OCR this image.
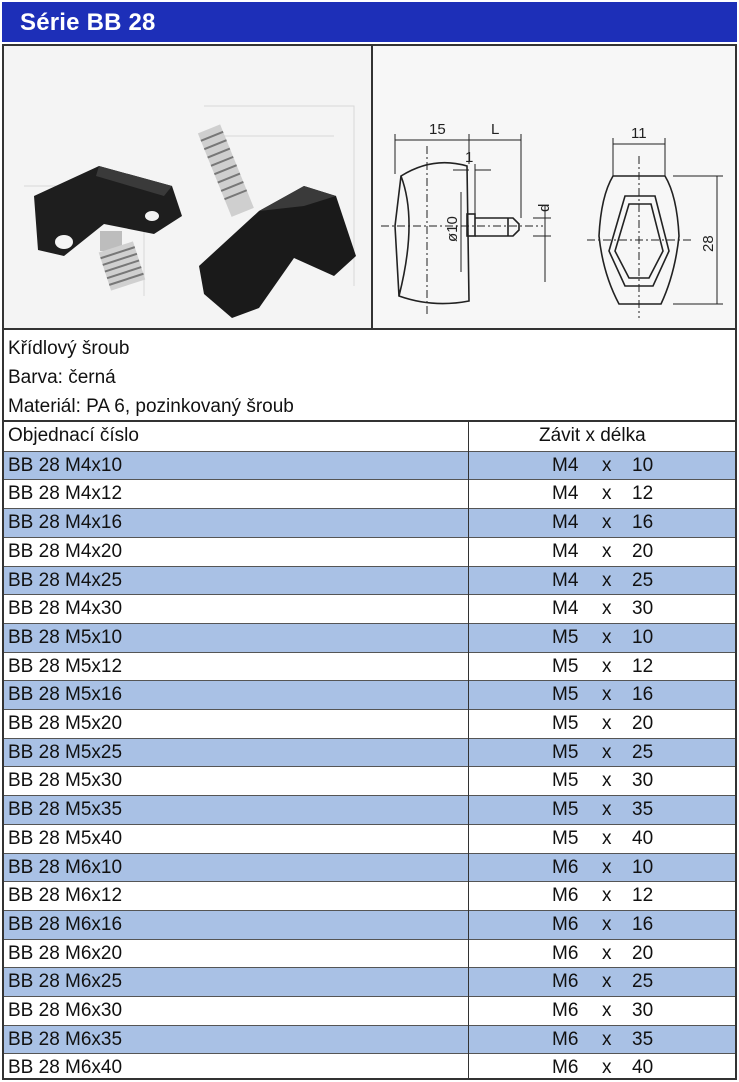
Série BB 28
15	L
1
ø10
d
11
28
Křídlový šroub
Barva: černá
Materiál: PA 6, pozinkovaný šroub
Objednací číslo	Závit x délka
BB 28 M4x10	M4 x 10
BB 28 M4x12	M4 x 12
BB 28 M4x16	M4 x 16
BB 28 M4x20	M4 x 20
BB 28 M4x25	M4 x 25
BB 28 M4x30	M4 x 30
BB 28 M5x10	M5 x 10
BB 28 M5x12	M5 x 12
BB 28 M5x16	M5 x 16
BB 28 M5x20	M5 x 20
BB 28 M5x25	M5 x 25
BB 28 M5x30	M5 x 30
BB 28 M5x35	M5 x 35
BB 28 M5x40	M5 x 40
BB 28 M6x10	M6 x 10
BB 28 M6x12	M6 x 12
BB 28 M6x16	M6 x 16
BB 28 M6x20	M6 x 20
BB 28 M6x25	M6 x 25
BB 28 M6x30	M6 x 30
BB 28 M6x35	M6 x 35
BB 28 M6x40	M6 x 40
